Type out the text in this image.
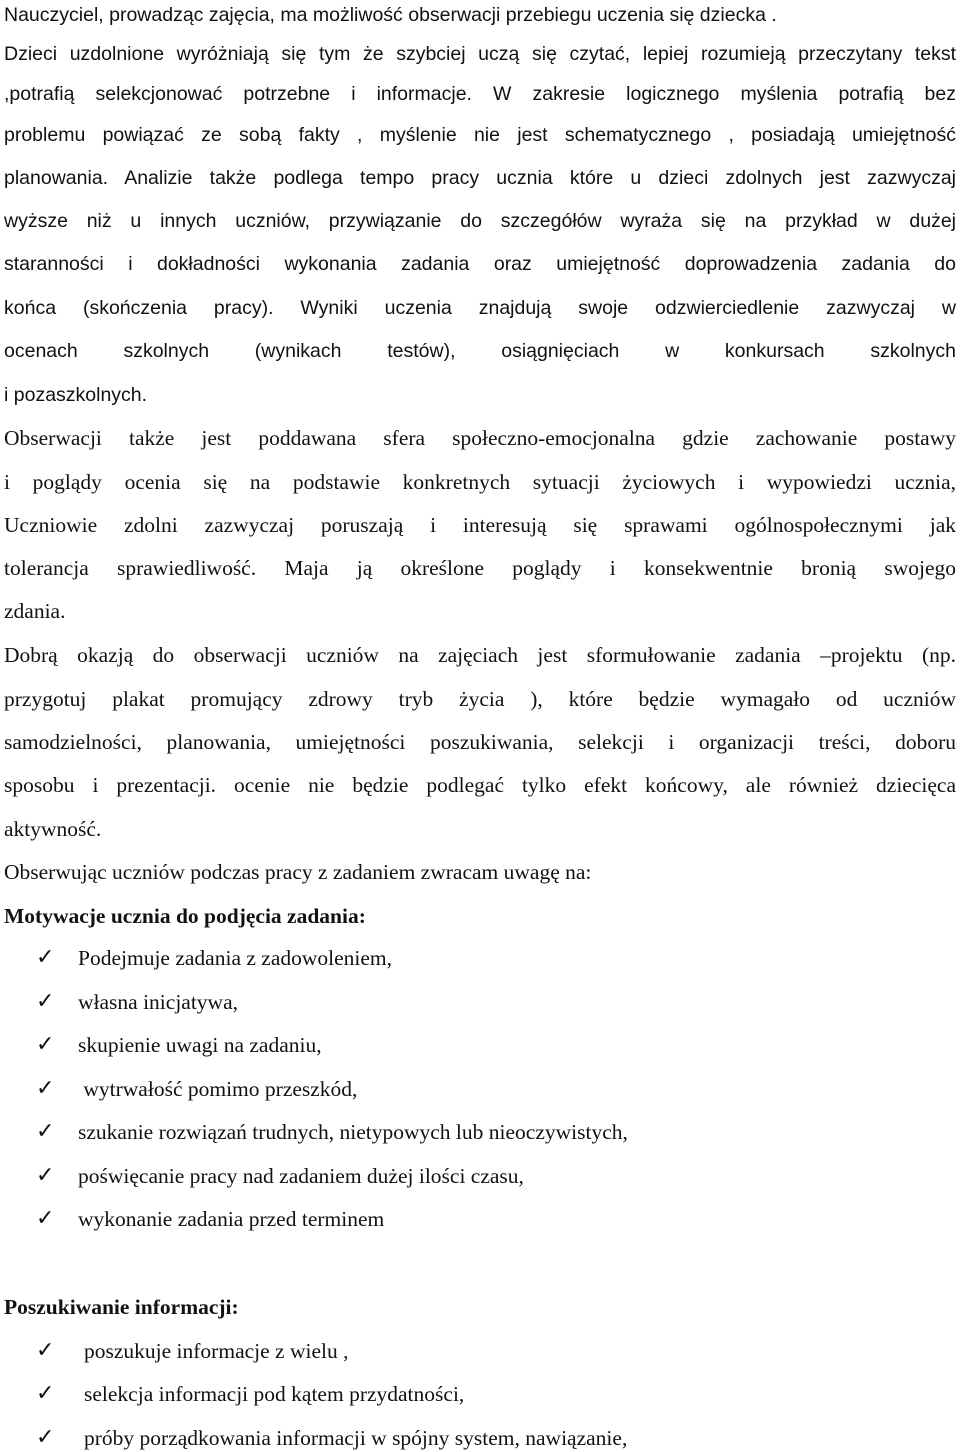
Nauczyciel, prowadząc zajęcia, ma możliwość obserwacji przebiegu uczenia się dziecka .
Dzieci uzdolnione wyróżniają się tym że szybciej uczą się czytać, lepiej rozumieją przeczytany tekst
,potrafią selekcjonować potrzebne i informacje. W zakresie logicznego myślenia potrafią bez
problemu powiązać ze sobą fakty , myślenie nie jest schematycznego , posiadają umiejętność
planowania. Analizie także podlega tempo pracy ucznia które u dzieci zdolnych jest zazwyczaj
wyższe niż u innych uczniów, przywiązanie do szczegółów wyraża się na przykład w dużej
staranności i dokładności wykonania zadania oraz umiejętność doprowadzenia zadania do
końca (skończenia pracy). Wyniki uczenia znajdują swoje odzwierciedlenie zazwyczaj w
ocenach szkolnych (wynikach testów), osiągnięciach w konkursach szkolnych
i pozaszkolnych.
Obserwacji także jest poddawana sfera społeczno-emocjonalna gdzie zachowanie postawy
i poglądy ocenia się na podstawie konkretnych sytuacji życiowych i wypowiedzi ucznia,
Uczniowie zdolni zazwyczaj poruszają i interesują się sprawami ogólnospołecznymi jak
tolerancja sprawiedliwość. Maja ją określone poglądy i konsekwentnie bronią swojego
zdania.
Dobrą okazją do obserwacji uczniów na zajęciach jest sformułowanie zadania –projektu (np.
przygotuj plakat promujący zdrowy tryb życia ), które będzie wymagało od uczniów
samodzielności, planowania, umiejętności poszukiwania, selekcji i organizacji treści, doboru
sposobu i prezentacji. ocenie nie będzie podlegać tylko efekt końcowy, ale również dziecięca
aktywność.
Obserwując uczniów podczas pracy z zadaniem zwracam uwagę na:
Motywacje ucznia do podjęcia zadania:
✓	Podejmuje zadania z zadowoleniem,
✓	własna inicjatywa,
✓	skupienie uwagi na zadaniu,
✓	wytrwałość pomimo przeszkód,
✓	szukanie rozwiązań trudnych, nietypowych lub nieoczywistych,
✓	poświęcanie pracy nad zadaniem dużej ilości czasu,
✓	wykonanie zadania przed terminem
Poszukiwanie informacji:
✓	poszukuje informacje z wielu ,
✓	selekcja informacji pod kątem przydatności,
✓	próby porządkowania informacji w spójny system, nawiązanie,
